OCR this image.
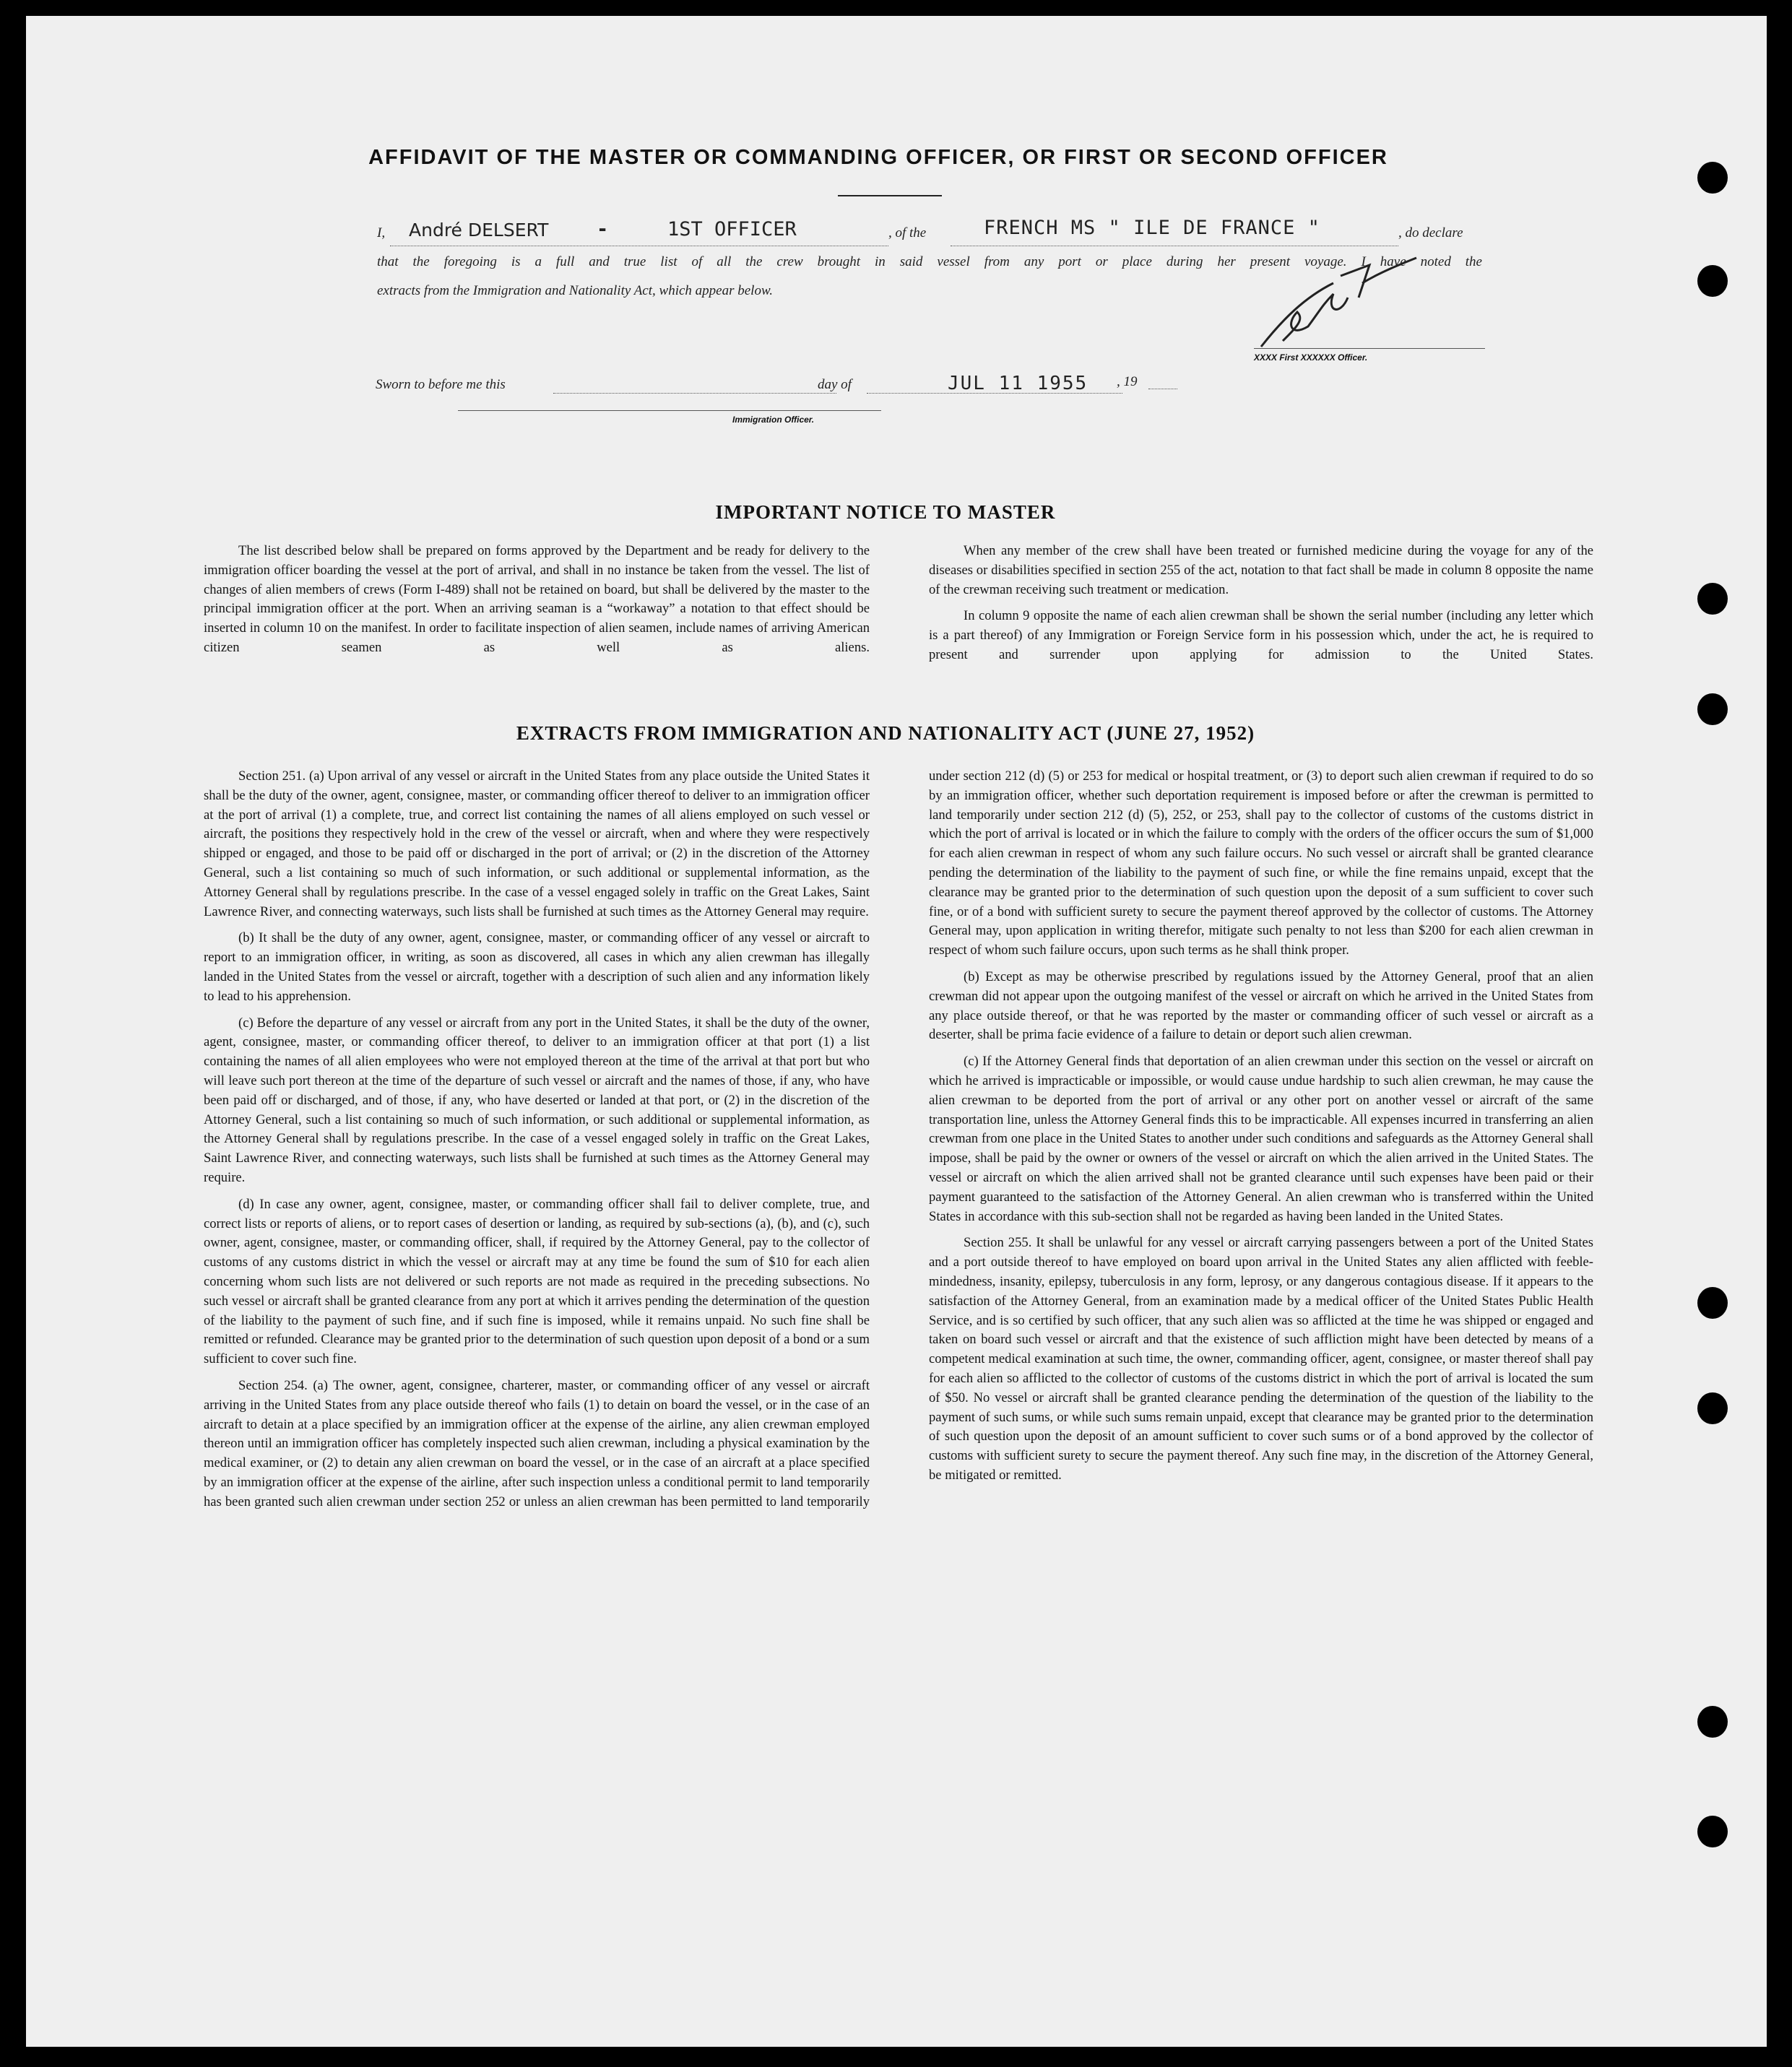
AFFIDAVIT OF THE MASTER OR COMMANDING OFFICER, OR FIRST OR SECOND OFFICER
I, André DELSERT -	1ST OFFICER	, of the	FRENCH MS " ILE DE FRANCE "	, do declare
that the foregoing is a full and true list of all the crew brought in said vessel from any port or place during her present voyage. I have noted the
extracts from the Immigration and Nationality Act, which appear below.
XXXX First XXXXXX Officer.
Sworn to before me this	day of	JUL 11 1955 , 19
Immigration Officer.
IMPORTANT NOTICE TO MASTER

The list described below shall be prepared on forms approved by the Department and be ready for delivery to the immigration officer boarding the vessel at the port of arrival, and shall in no instance be taken from the vessel. The list of changes of alien members of crews (Form I-489) shall not be retained on board, but shall be delivered by the master to the principal immigration officer at the port. When an arriving seaman is a “workaway” a notation to that effect should be inserted in column 10 on the manifest. In order to facilitate inspection of alien seamen, include names of arriving American citizen seamen as well as aliens.

When any member of the crew shall have been treated or furnished medicine during the voyage for any of the diseases or disabilities specified in section 255 of the act, notation to that fact shall be made in column 8 opposite the name of the crewman receiving such treatment or medication.

In column 9 opposite the name of each alien crewman shall be shown the serial number (including any letter which is a part thereof) of any Immigration or Foreign Service form in his possession which, under the act, he is required to present and surrender upon applying for admission to the United States.

EXTRACTS FROM IMMIGRATION AND NATIONALITY ACT (JUNE 27, 1952)

Section 251. (a) Upon arrival of any vessel or aircraft in the United States from any place outside the United States it shall be the duty of the owner, agent, consignee, master, or commanding officer thereof to deliver to an immigration officer at the port of arrival (1) a complete, true, and correct list containing the names of all aliens employed on such vessel or aircraft, the positions they respectively hold in the crew of the vessel or aircraft, when and where they were respectively shipped or engaged, and those to be paid off or discharged in the port of arrival; or (2) in the discretion of the Attorney General, such a list containing so much of such information, or such additional or supplemental information, as the Attorney General shall by regulations prescribe. In the case of a vessel engaged solely in traffic on the Great Lakes, Saint Lawrence River, and connecting waterways, such lists shall be furnished at such times as the Attorney General may require.

(b) It shall be the duty of any owner, agent, consignee, master, or commanding officer of any vessel or aircraft to report to an immigration officer, in writing, as soon as discovered, all cases in which any alien crewman has illegally landed in the United States from the vessel or aircraft, together with a description of such alien and any information likely to lead to his apprehension.

(c) Before the departure of any vessel or aircraft from any port in the United States, it shall be the duty of the owner, agent, consignee, master, or commanding officer thereof, to deliver to an immigration officer at that port (1) a list containing the names of all alien employees who were not employed thereon at the time of the arrival at that port but who will leave such port thereon at the time of the departure of such vessel or aircraft and the names of those, if any, who have been paid off or discharged, and of those, if any, who have deserted or landed at that port, or (2) in the discretion of the Attorney General, such a list containing so much of such information, or such additional or supplemental information, as the Attorney General shall by regulations prescribe. In the case of a vessel engaged solely in traffic on the Great Lakes, Saint Lawrence River, and connecting waterways, such lists shall be furnished at such times as the Attorney General may require.

(d) In case any owner, agent, consignee, master, or commanding officer shall fail to deliver complete, true, and correct lists or reports of aliens, or to report cases of desertion or landing, as required by sub-sections (a), (b), and (c), such owner, agent, consignee, master, or commanding officer, shall, if required by the Attorney General, pay to the collector of customs of any customs district in which the vessel or aircraft may at any time be found the sum of $10 for each alien concerning whom such lists are not delivered or such reports are not made as required in the preceding subsections. No such vessel or aircraft shall be granted clearance from any port at which it arrives pending the determination of the question of the liability to the payment of such fine, and if such fine is imposed, while it remains unpaid. No such fine shall be remitted or refunded. Clearance may be granted prior to the determination of such question upon deposit of a bond or a sum sufficient to cover such fine.

Section 254. (a) The owner, agent, consignee, charterer, master, or commanding officer of any vessel or aircraft arriving in the United States from any place outside thereof who fails (1) to detain on board the vessel, or in the case of an aircraft to detain at a place specified by an immigration officer at the expense of the airline, any alien crewman employed thereon until an immigration officer has completely inspected such alien crewman, including a physical examination by the medical examiner, or (2) to detain any alien crewman on board the vessel, or in the case of an aircraft at a place specified by an immigration officer at the expense of the airline, after such inspection unless a conditional permit to land temporarily has been granted such alien crewman under section 252 or unless an alien crewman has been permitted to land temporarily

under section 212 (d) (5) or 253 for medical or hospital treatment, or (3) to deport such alien crewman if required to do so by an immigration officer, whether such deportation requirement is imposed before or after the crewman is permitted to land temporarily under section 212 (d) (5), 252, or 253, shall pay to the collector of customs of the customs district in which the port of arrival is located or in which the failure to comply with the orders of the officer occurs the sum of $1,000 for each alien crewman in respect of whom any such failure occurs. No such vessel or aircraft shall be granted clearance pending the determination of the liability to the payment of such fine, or while the fine remains unpaid, except that the clearance may be granted prior to the determination of such question upon the deposit of a sum sufficient to cover such fine, or of a bond with sufficient surety to secure the payment thereof approved by the collector of customs. The Attorney General may, upon application in writing therefor, mitigate such penalty to not less than $200 for each alien crewman in respect of whom such failure occurs, upon such terms as he shall think proper.

(b) Except as may be otherwise prescribed by regulations issued by the Attorney General, proof that an alien crewman did not appear upon the outgoing manifest of the vessel or aircraft on which he arrived in the United States from any place outside thereof, or that he was reported by the master or commanding officer of such vessel or aircraft as a deserter, shall be prima facie evidence of a failure to detain or deport such alien crewman.

(c) If the Attorney General finds that deportation of an alien crewman under this section on the vessel or aircraft on which he arrived is impracticable or impossible, or would cause undue hardship to such alien crewman, he may cause the alien crewman to be deported from the port of arrival or any other port on another vessel or aircraft of the same transportation line, unless the Attorney General finds this to be impracticable. All expenses incurred in transferring an alien crewman from one place in the United States to another under such conditions and safeguards as the Attorney General shall impose, shall be paid by the owner or owners of the vessel or aircraft on which the alien arrived in the United States. The vessel or aircraft on which the alien arrived shall not be granted clearance until such expenses have been paid or their payment guaranteed to the satisfaction of the Attorney General. An alien crewman who is transferred within the United States in accordance with this sub-section shall not be regarded as having been landed in the United States.

Section 255. It shall be unlawful for any vessel or aircraft carrying passengers between a port of the United States and a port outside thereof to have employed on board upon arrival in the United States any alien afflicted with feeble-mindedness, insanity, epilepsy, tuberculosis in any form, leprosy, or any dangerous contagious disease. If it appears to the satisfaction of the Attorney General, from an examination made by a medical officer of the United States Public Health Service, and is so certified by such officer, that any such alien was so afflicted at the time he was shipped or engaged and taken on board such vessel or aircraft and that the existence of such affliction might have been detected by means of a competent medical examination at such time, the owner, commanding officer, agent, consignee, or master thereof shall pay for each alien so afflicted to the collector of customs of the customs district in which the port of arrival is located the sum of $50. No vessel or aircraft shall be granted clearance pending the determination of the question of the liability to the payment of such sums, or while such sums remain unpaid, except that clearance may be granted prior to the determination of such question upon the deposit of an amount sufficient to cover such sums or of a bond approved by the collector of customs with sufficient surety to secure the payment thereof. Any such fine may, in the discretion of the Attorney General, be mitigated or remitted.
